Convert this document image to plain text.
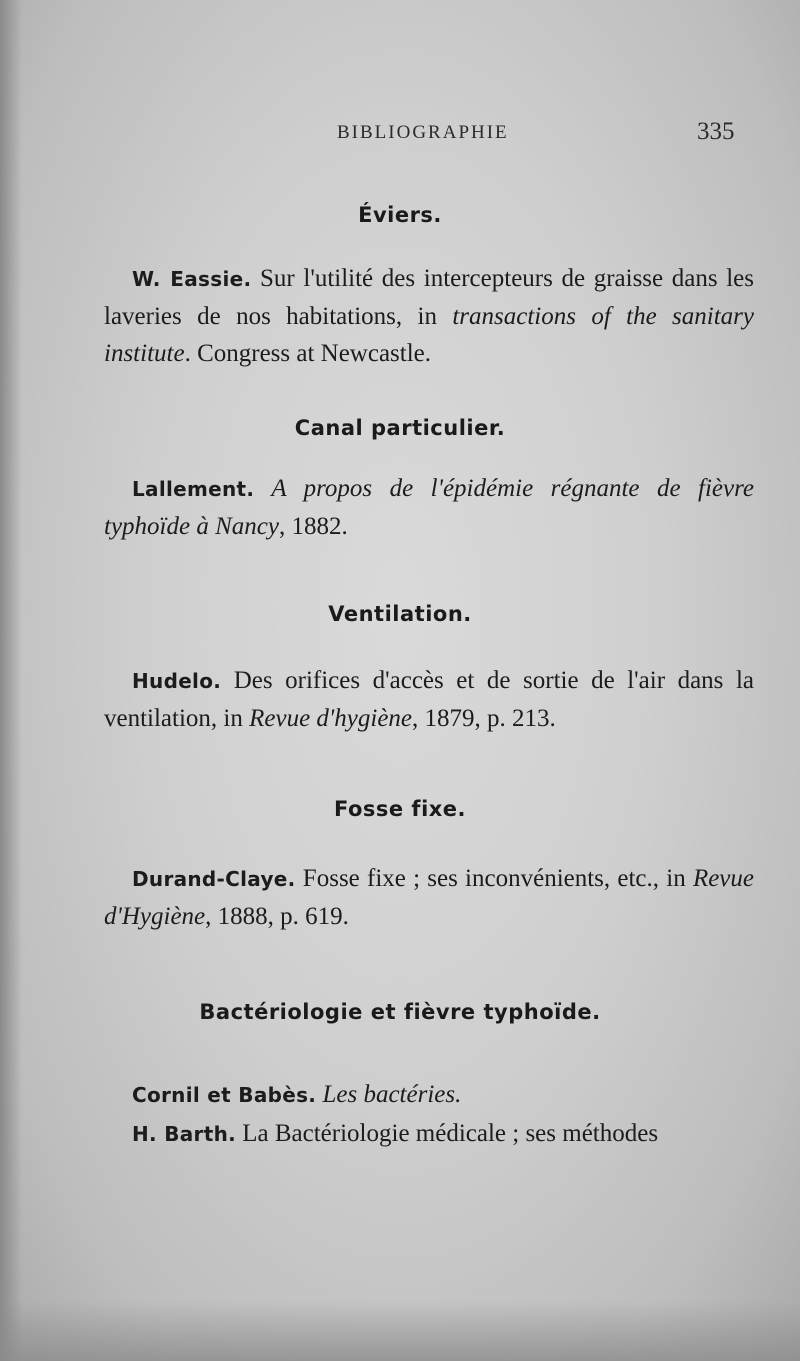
BIBLIOGRAPHIE	335
Éviers.
W. Eassie. Sur l'utilité des intercepteurs de graisse dans les laveries de nos habitations, in transactions of the sanitary institute. Congress at Newcastle.
Canal particulier.
Lallement. A propos de l'épidémie régnante de fièvre typhoïde à Nancy, 1882.
Ventilation.
Hudelo. Des orifices d'accès et de sortie de l'air dans la ventilation, in Revue d'hygiène, 1879, p. 213.
Fosse fixe.
Durand-Claye. Fosse fixe ; ses inconvénients, etc., in Revue d'Hygiène, 1888, p. 619.
Bactériologie et fièvre typhoïde.
Cornil et Babès. Les bactéries.
H. Barth. La Bactériologie médicale ; ses méthodes
